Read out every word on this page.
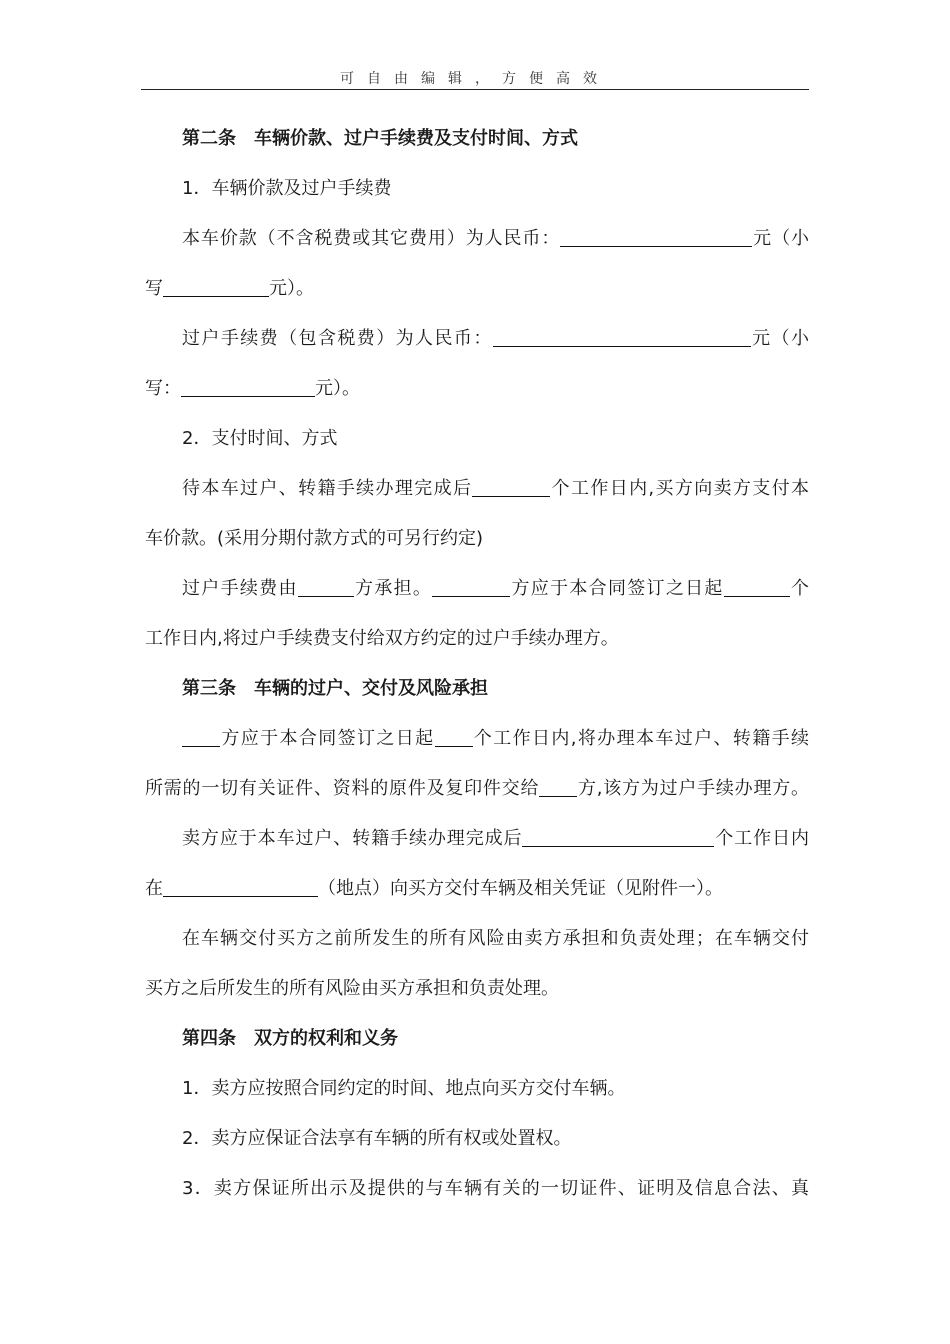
可自由编辑，方便高效
第二条　车辆价款、过户手续费及支付时间、方式
1．车辆价款及过户手续费
本车价款（不含税费或其它费用）为人民币：	元（小
写	元）。
过户手续费（包含税费）为人民币：	元（小
写：	元）。
2．支付时间、方式
待本车过户、转籍手续办理完成后	个工作日内,买方向卖方支付本
车价款。(采用分期付款方式的可另行约定)
过户手续费由	方承担。	方应于本合同签订之日起	个
工作日内,将过户手续费支付给双方约定的过户手续办理方。
第三条　车辆的过户、交付及风险承担
方应于本合同签订之日起 个工作日内,将办理本车过户、转籍手续
所需的一切有关证件、资料的原件及复印件交给 方,该方为过户手续办理方。
卖方应于本车过户、转籍手续办理完成后	个工作日内
在	（地点）向买方交付车辆及相关凭证（见附件一）。
在车辆交付买方之前所发生的所有风险由卖方承担和负责处理；在车辆交付
买方之后所发生的所有风险由买方承担和负责处理。
第四条　双方的权利和义务
1．卖方应按照合同约定的时间、地点向买方交付车辆。
2．卖方应保证合法享有车辆的所有权或处置权。
3．卖方保证所出示及提供的与车辆有关的一切证件、证明及信息合法、真
